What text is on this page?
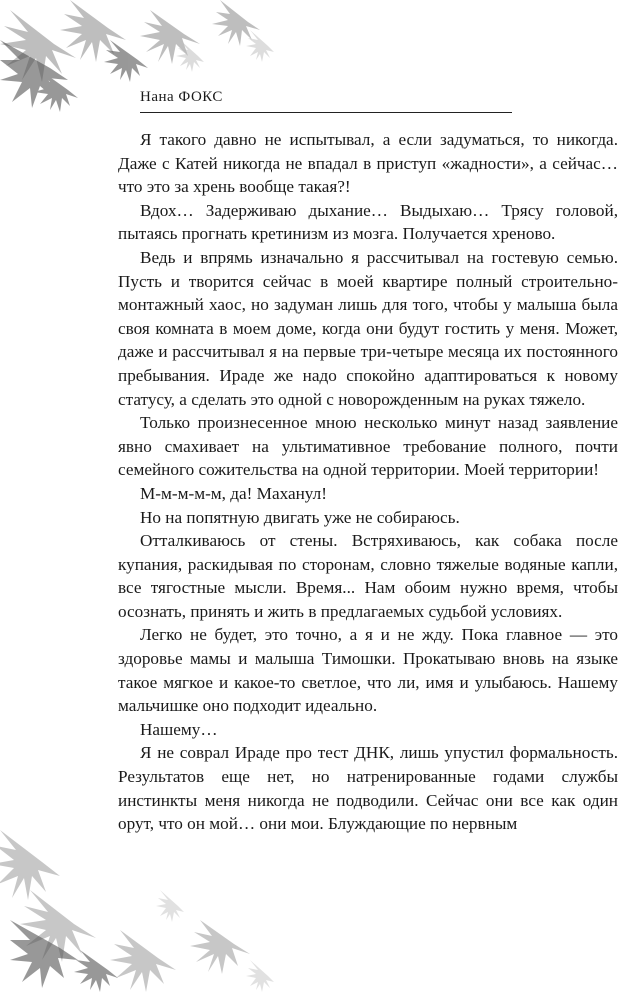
Нана ФОКС

Я такого давно не испытывал, а если задуматься, то никогда. Даже с Катей никогда не впадал в приступ «жадности», а сейчас… что это за хрень вообще такая?!

Вдох… Задерживаю дыхание… Выдыхаю… Трясу головой, пытаясь прогнать кретинизм из мозга. Получается хреново.

Ведь и впрямь изначально я рассчитывал на гостевую семью. Пусть и творится сейчас в моей квартире полный строительно-монтажный хаос, но задуман лишь для того, чтобы у малыша была своя комната в моем доме, когда они будут гостить у меня. Может, даже и рассчитывал я на первые три-четыре месяца их постоянного пребывания. Ираде же надо спокойно адаптироваться к новому статусу, а сделать это одной с новорожденным на руках тяжело.

Только произнесенное мною несколько минут назад заявление явно смахивает на ультимативное требование полного, почти семейного сожительства на одной территории. Моей территории!

М-м-м-м-м, да! Маханул!

Но на попятную двигать уже не собираюсь.

Отталкиваюсь от стены. Встряхиваюсь, как собака после купания, раскидывая по сторонам, словно тяжелые водяные капли, все тягостные мысли. Время... Нам обоим нужно время, чтобы осознать, принять и жить в предлагаемых судьбой условиях.

Легко не будет, это точно, а я и не жду. Пока главное — это здоровье мамы и малыша Тимошки. Прокатываю вновь на языке такое мягкое и какое-то светлое, что ли, имя и улыбаюсь. Нашему мальчишке оно подходит идеально.

Нашему…

Я не соврал Ираде про тест ДНК, лишь упустил формальность. Результатов еще нет, но натренированные годами службы инстинкты меня никогда не подводили. Сейчас они все как один орут, что он мой… они мои. Блуждающие по нервным
